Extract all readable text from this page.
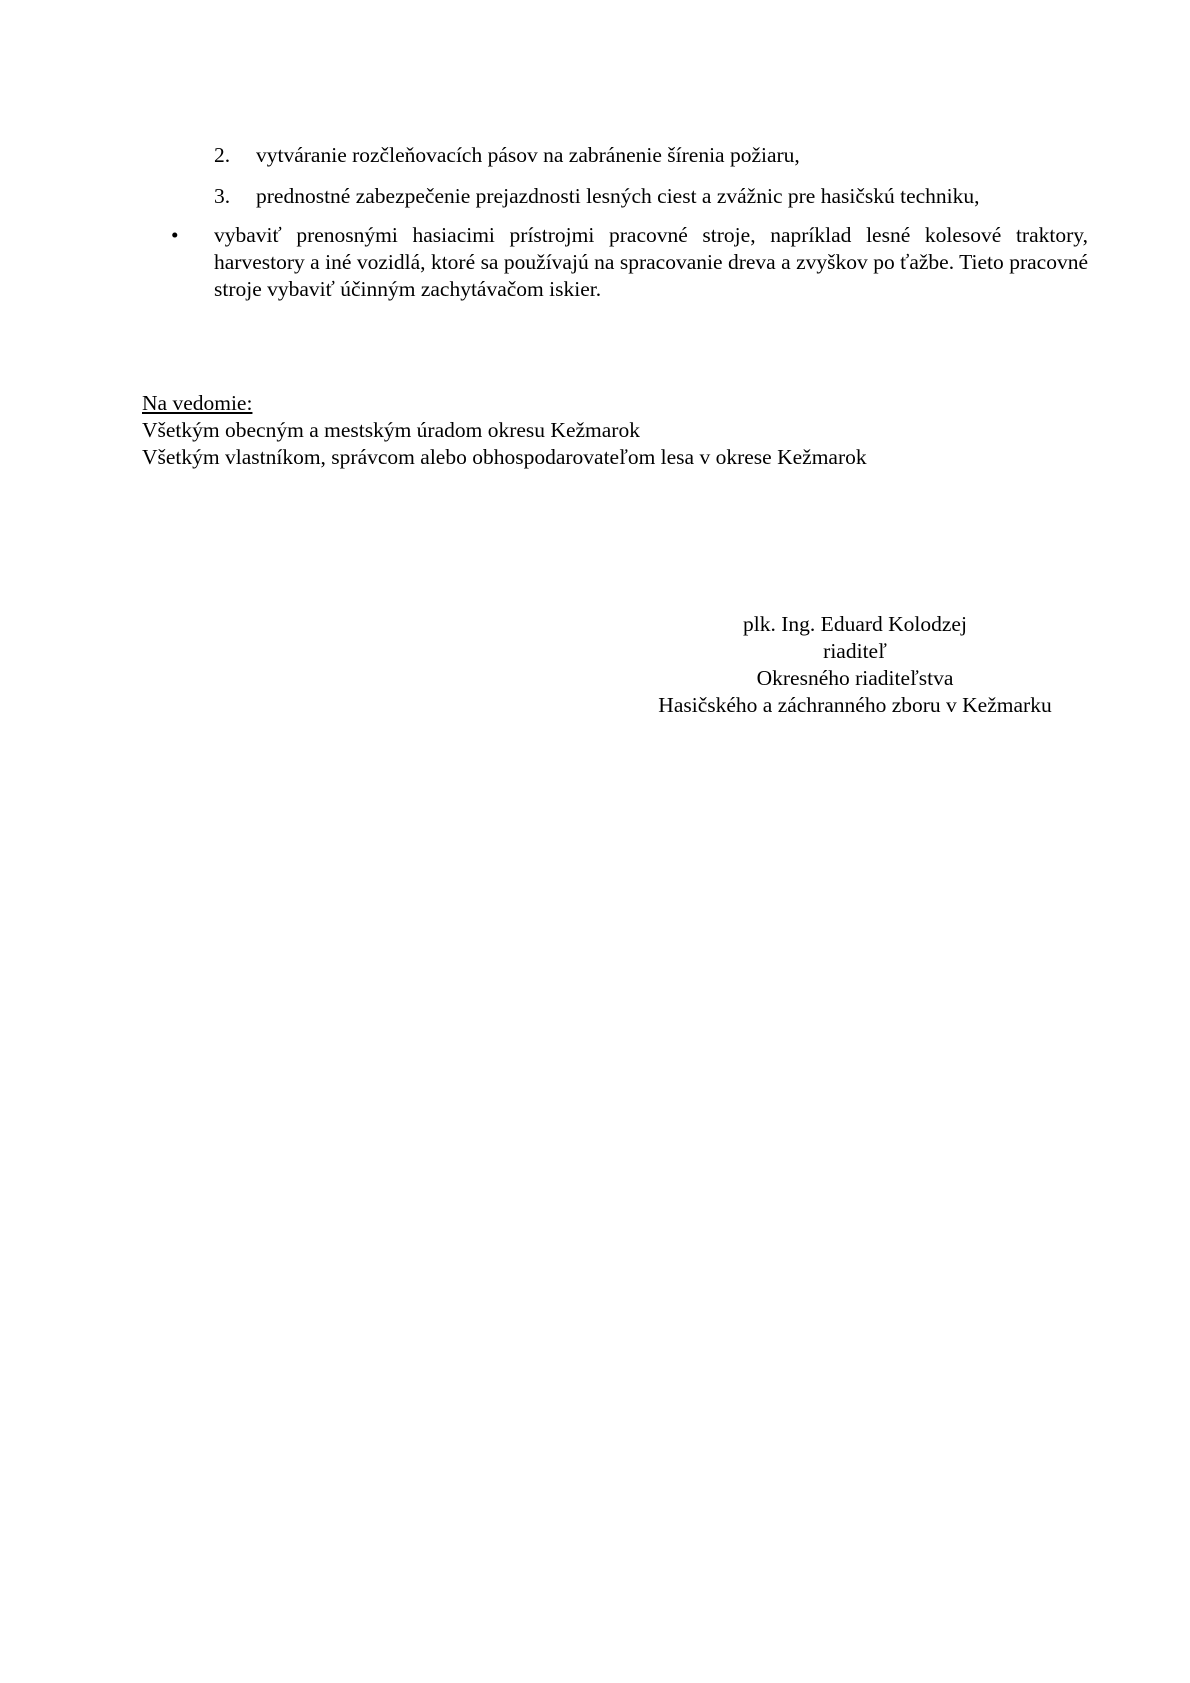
2. vytváranie rozčleňovacích pásov na zabránenie šírenia požiaru,
3. prednostné zabezpečenie prejazdnosti lesných ciest a zvážnic pre hasičskú techniku,
• vybaviť prenosnými hasiacimi prístrojmi pracovné stroje, napríklad lesné kolesové traktory, harvestory a iné vozidlá, ktoré sa používajú na spracovanie dreva a zvyškov po ťažbe. Tieto pracovné stroje vybaviť účinným zachytávačom iskier.
Na vedomie:
Všetkým obecným a mestským úradom okresu Kežmarok
Všetkým vlastníkom, správcom alebo obhospodarovateľom lesa v okrese Kežmarok
plk. Ing. Eduard Kolodzej
riaditeľ
Okresného riaditeľstva
Hasičského a záchranného zboru v Kežmarku
